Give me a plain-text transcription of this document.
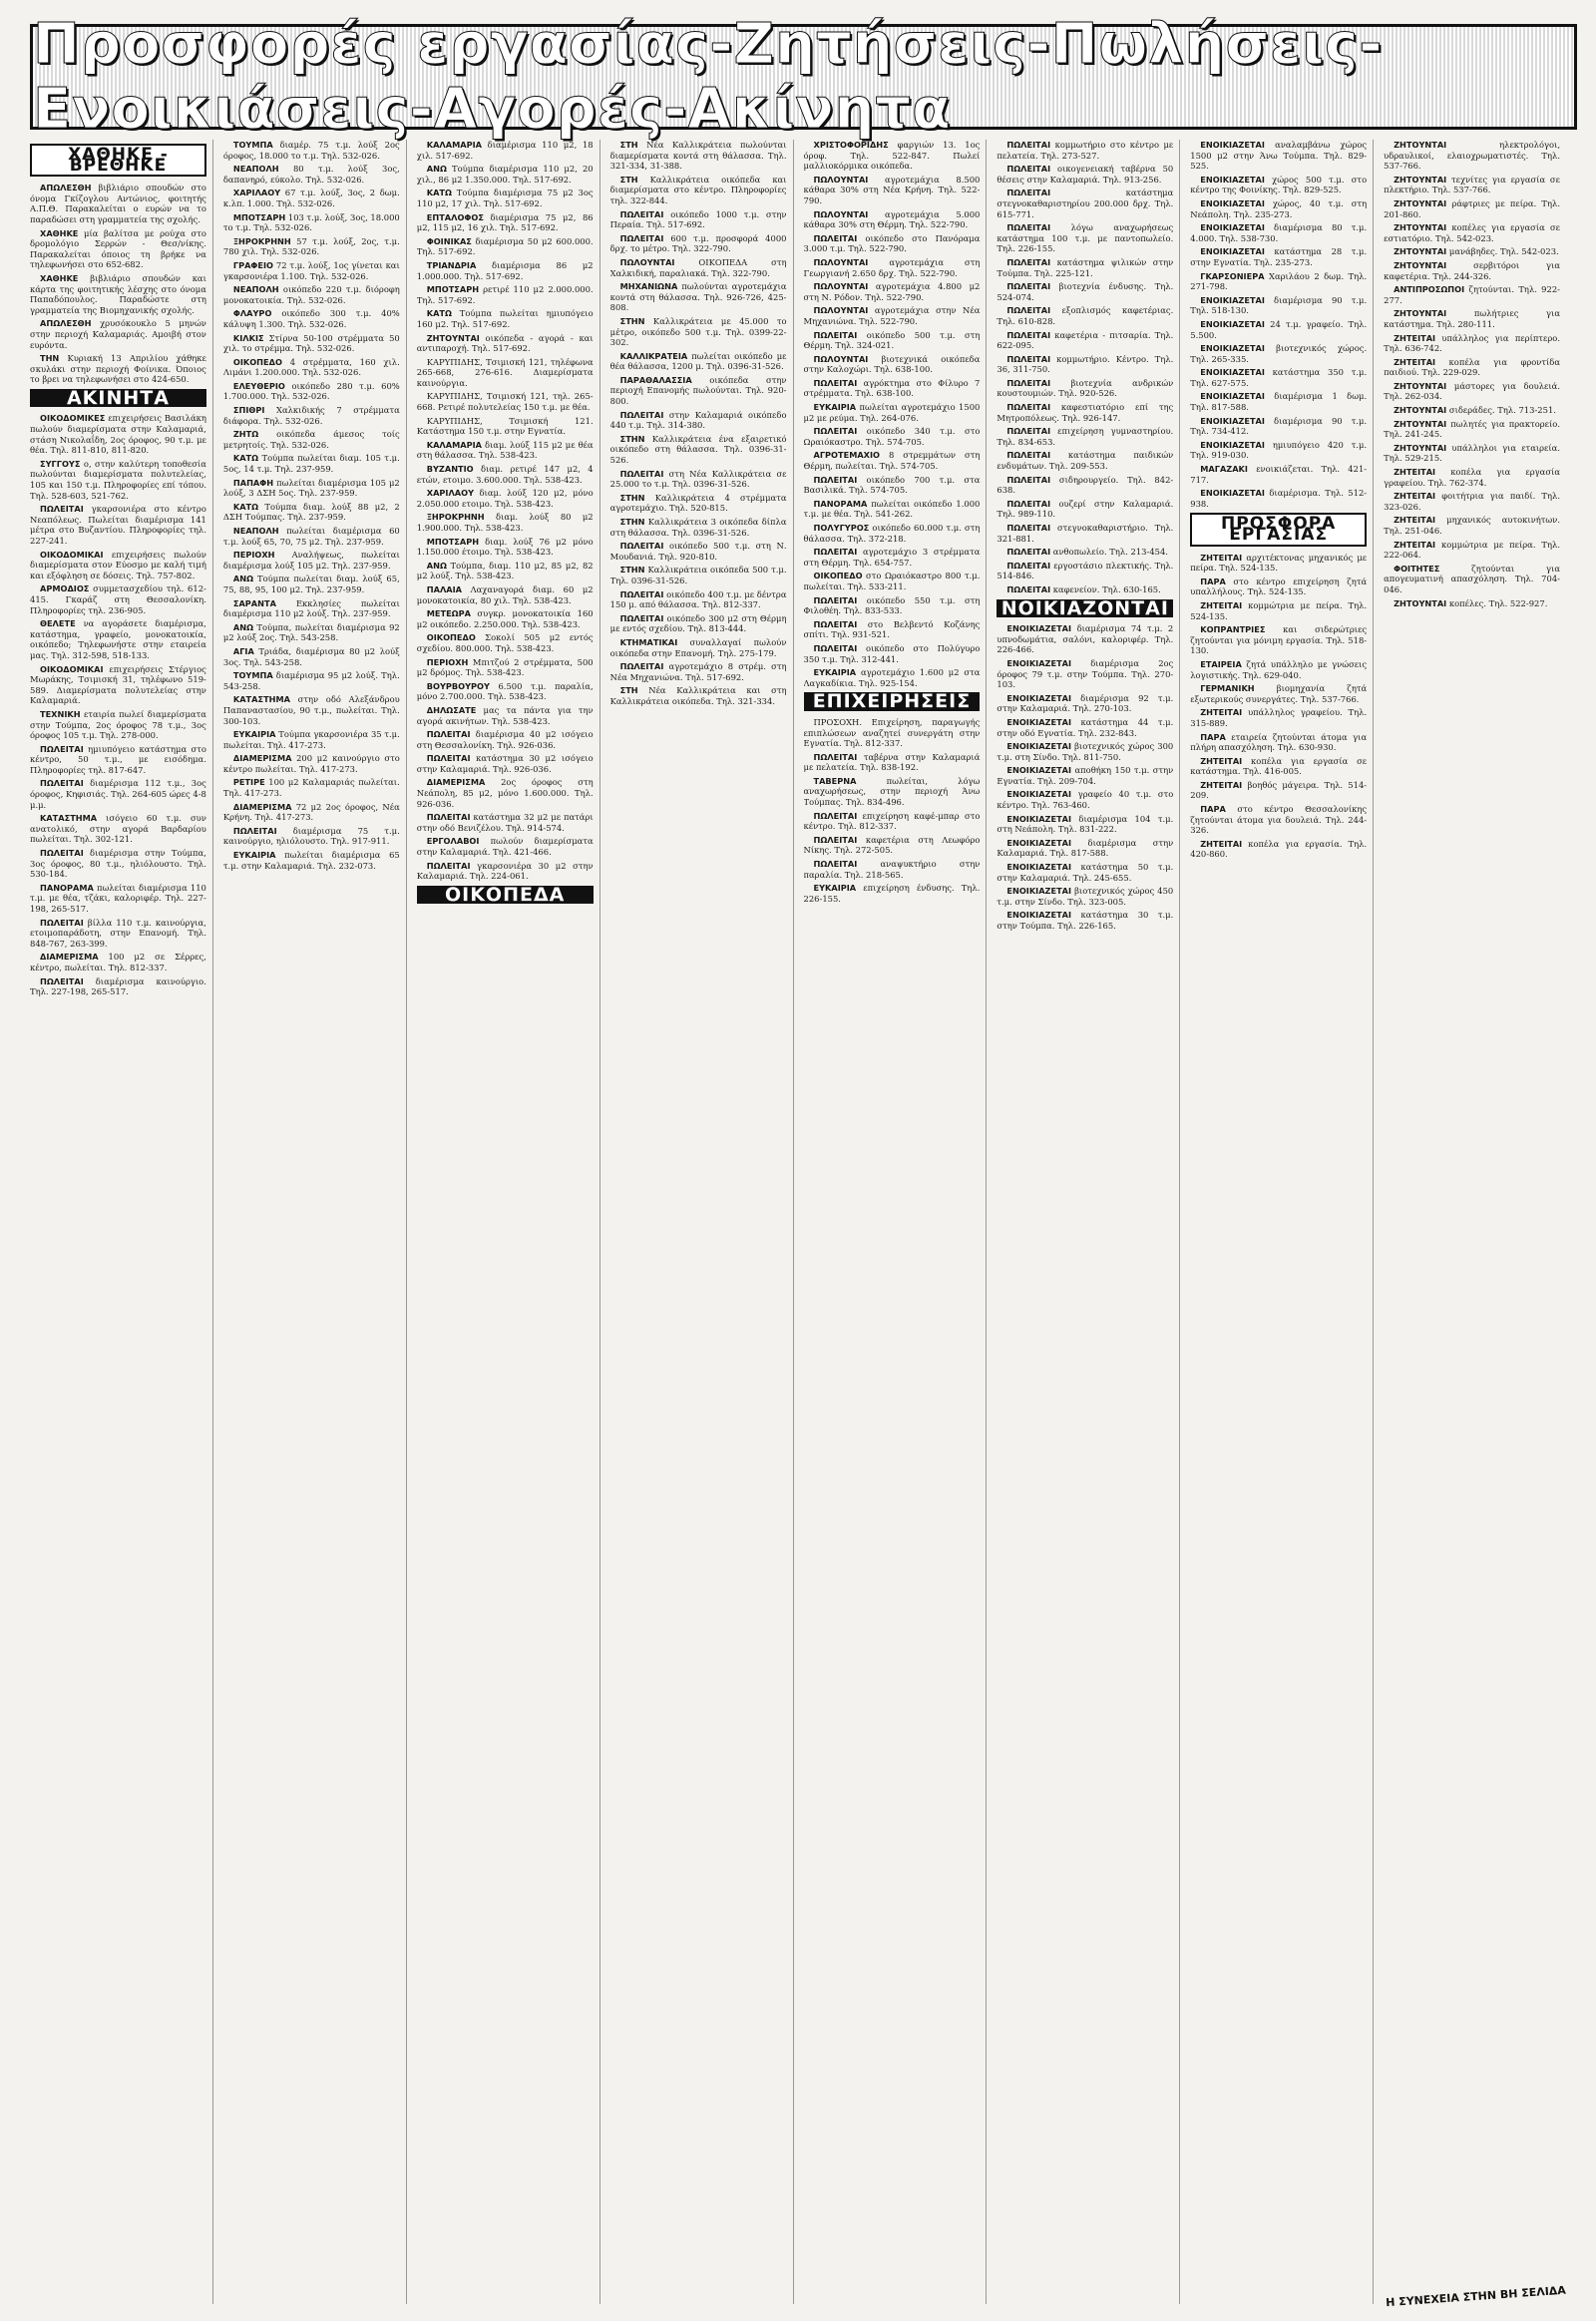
Προσφορές εργασίας-Ζητήσεις-Πωλήσεις-Ενοικιάσεις-Αγορές-Ακίνητα
ΧΑΘΗΚΕ - ΒΡΕΘΗΚΕ

ΑΠΩΛΕΣΘΗ βιβλιάριο σπουδών στο όνομα Γκίζογλου Αντώνιος, φοιτητής Α.Π.Θ. Παρακαλείται ο ευρών να το παραδώσει στη γραμματεία της σχολής.

ΧΑΘΗΚΕ μία βαλίτσα με ρούχα στο δρομολόγιο Σερρών - Θεσ/νίκης. Παρακαλείται όποιος τη βρήκε να τηλεφωνήσει στο 652-682.

ΧΑΘΗΚΕ βιβλιάριο σπουδών και κάρτα της φοιτητικής λέσχης στο όνομα Παπαδόπουλος. Παραδώστε στη γραμματεία της Βιομηχανικής σχολής.

ΑΠΩΛΕΣΘΗ χρυσόκουκλο 5 μηνών στην περιοχή Καλαμαριάς. Αμοιβή στον ευρόντα.

ΤΗΝ Κυριακή 13 Απριλίου χάθηκε σκυλάκι στην περιοχή Φοίνικα. Όποιος το βρει να τηλεφωνήσει στο 424-650.

ΑΚΙΝΗΤΑ

ΟΙΚΟΔΟΜΙΚΕΣ επιχειρήσεις Βασιλάκη πωλούν διαμερίσματα στην Καλαμαριά, στάση Νικολαΐδη, 2ος όροφος, 90 τ.μ. με θέα. Τηλ. 811-810, 811-820.

ΣΥΓΓΟΥΣ ο, στην καλύτερη τοποθεσία πωλούνται διαμερίσματα πολυτελείας, 105 και 150 τ.μ. Πληροφορίες επί τόπου. Τηλ. 528-603, 521-762.

ΠΩΛΕΙΤΑΙ γκαρσονιέρα στο κέντρο Νεαπόλεως. Πωλείται διαμέρισμα 141 μέτρα στο Βυζαντίου. Πληροφορίες τηλ. 227-241.

ΟΙΚΟΔΟΜΙΚΑΙ επιχειρήσεις πωλούν διαμερίσματα στον Εύοσμο με καλή τιμή και εξόφληση σε δόσεις. Τηλ. 757-802.

ΑΡΜΟΔΙΟΣ συμμετασχεδίου τηλ. 612-415. Γκαράζ στη Θεσσαλονίκη. Πληροφορίες τηλ. 236-905.

ΘΕΛΕΤΕ να αγοράσετε διαμέρισμα, κατάστημα, γραφείο, μονοκατοικία, οικόπεδο; Τηλεφωνήστε στην εταιρεία μας. Τηλ. 312-598, 518-133.

ΟΙΚΟΔΟΜΙΚΑΙ επιχειρήσεις Στέργιος Μωράκης, Τσιμισκή 31, τηλέφωνο 519-589. Διαμερίσματα πολυτελείας στην Καλαμαριά.

ΤΕΧΝΙΚΗ εταιρία πωλεί διαμερίσματα στην Τούμπα, 2ος όροφος 78 τ.μ., 3ος όροφος 105 τ.μ. Τηλ. 278-000.

ΠΩΛΕΙΤΑΙ ημιυπόγειο κατάστημα στο κέντρο, 50 τ.μ., με εισόδημα. Πληροφορίες τηλ. 817-647.

ΠΩΛΕΙΤΑΙ διαμέρισμα 112 τ.μ., 3ος όροφος, Κηφισιάς. Τηλ. 264-605 ώρες 4-8 μ.μ.

ΚΑΤΑΣΤΗΜΑ ισόγειο 60 τ.μ. συν ανατολικό, στην αγορά Βαρδαρίου πωλείται. Τηλ. 302-121.

ΠΩΛΕΙΤΑΙ διαμέρισμα στην Τούμπα, 3ος όροφος, 80 τ.μ., ηλιόλουστο. Τηλ. 530-184.

ΠΑΝΟΡΑΜΑ πωλείται διαμέρισμα 110 τ.μ. με θέα, τζάκι, καλοριφέρ. Τηλ. 227-198, 265-517.

ΠΩΛΕΙΤΑΙ βίλλα 110 τ.μ. καινούργια, ετοιμοπαράδοτη, στην Επανομή. Τηλ. 848-767, 263-399.

ΔΙΑΜΕΡΙΣΜΑ 100 μ2 σε Σέρρες, κέντρο, πωλείται. Τηλ. 812-337.

ΠΩΛΕΙΤΑΙ διαμέρισμα καινούργιο. Τηλ. 227-198, 265-517.

ΤΟΥΜΠΑ διαμέρ. 75 τ.μ. λούξ 2ος όροφος, 18.000 το τ.μ. Τηλ. 532-026.

ΝΕΑΠΟΛΗ 80 τ.μ. λούξ 3ος, δαπανηρό, εύκολο. Τηλ. 532-026.

ΧΑΡΙΛΑΟΥ 67 τ.μ. λούξ, 3ος, 2 δωμ. κ.λπ. 1.000. Τηλ. 532-026.

ΜΠΟΤΣΑΡΗ 103 τ.μ. λούξ, 3ος, 18.000 το τ.μ. Τηλ. 532-026.

ΞΗΡΟΚΡΗΝΗ 57 τ.μ. λούξ, 2ος, τ.μ. 780 χιλ. Τηλ. 532-026.

ΓΡΑΦΕΙΟ 72 τ.μ. λούξ, 1ος γίνεται και γκαρσονιέρα 1.100. Τηλ. 532-026.

ΝΕΑΠΟΛΗ οικόπεδο 220 τ.μ. διόροφη μονοκατοικία. Τηλ. 532-026.

ΦΛΑΥΡΟ οικόπεδο 300 τ.μ. 40% κάλυψη 1.300. Τηλ. 532-026.

ΚΙΛΚΙΣ Στίρνα 50-100 στρέμματα 50 χιλ. το στρέμμα. Τηλ. 532-026.

ΟΙΚΟΠΕΔΟ 4 στρέμματα, 160 χιλ. Λιμάνι 1.200.000. Τηλ. 532-026.

ΕΛΕΥΘΕΡΙΟ οικόπεδο 280 τ.μ. 60% 1.700.000. Τηλ. 532-026.

ΣΠΙΘΡΙ Χαλκιδικής 7 στρέμματα διάφορα. Τηλ. 532-026.

ΖΗΤΩ οικόπεδα άμεσος τοίς μετρητοίς. Τηλ. 532-026.

ΚΑΤΩ Τούμπα πωλείται διαμ. 105 τ.μ. 5ος, 14 τ.μ. Τηλ. 237-959.

ΠΑΠΑΦΗ πωλείται διαμέρισμα 105 μ2 λούξ, 3 ΔΣΗ 5ος. Τηλ. 237-959.

ΚΑΤΩ Τούμπα διαμ. λούξ 88 μ2, 2 ΔΣΗ Τούμπας. Τηλ. 237-959.

ΝΕΑΠΟΛΗ πωλείται διαμέρισμα 60 τ.μ. λούξ 65, 70, 75 μ2. Τηλ. 237-959.

ΠΕΡΙΟΧΗ Αναλήψεως, πωλείται διαμέρισμα λούξ 105 μ2. Τηλ. 237-959.

ΑΝΩ Τούμπα πωλείται διαμ. λούξ 65, 75, 88, 95, 100 μ2. Τηλ. 237-959.

ΣΑΡΑΝΤΑ Εκκλησίες πωλείται διαμέρισμα 110 μ2 λούξ. Τηλ. 237-959.

ΑΝΩ Τούμπα, πωλείται διαμέρισμα 92 μ2 λούξ 2ος. Τηλ. 543-258.

ΑΓΙΑ Τριάδα, διαμέρισμα 80 μ2 λούξ 3ος. Τηλ. 543-258.

ΤΟΥΜΠΑ διαμέρισμα 95 μ2 λούξ. Τηλ. 543-258.

ΚΑΤΑΣΤΗΜΑ στην οδό Αλεξάνδρου Παπαναστασίου, 90 τ.μ., πωλείται. Τηλ. 300-103.

ΕΥΚΑΙΡΙΑ Τούμπα γκαρσονιέρα 35 τ.μ. πωλείται. Τηλ. 417-273.

ΔΙΑΜΕΡΙΣΜΑ 200 μ2 καινούργιο στο κέντρο πωλείται. Τηλ. 417-273.

ΡΕΤΙΡΕ 100 μ2 Καλαμαριάς πωλείται. Τηλ. 417-273.

ΔΙΑΜΕΡΙΣΜΑ 72 μ2 2ος όροφος, Νέα Κρήνη. Τηλ. 417-273.

ΠΩΛΕΙΤΑΙ διαμέρισμα 75 τ.μ. καινούργιο, ηλιόλουστο. Τηλ. 917-911.

ΕΥΚΑΙΡΙΑ πωλείται διαμέρισμα 65 τ.μ. στην Καλαμαριά. Τηλ. 232-073.

ΚΑΛΑΜΑΡΙΑ διαμέρισμα 110 μ2, 18 χιλ. 517-692.

ΑΝΩ Τούμπα διαμέρισμα 110 μ2, 20 χιλ., 86 μ2 1.350.000. Τηλ. 517-692.

ΚΑΤΩ Τούμπα διαμέρισμα 75 μ2 3ος 110 μ2, 17 χιλ. Τηλ. 517-692.

ΕΠΤΑΛΟΦΟΣ διαμέρισμα 75 μ2, 86 μ2, 115 μ2, 16 χιλ. Τηλ. 517-692.

ΦΟΙΝΙΚΑΣ διαμέρισμα 50 μ2 600.000. Τηλ. 517-692.

ΤΡΙΑΝΔΡΙΑ διαμέρισμα 86 μ2 1.000.000. Τηλ. 517-692.

ΜΠΟΤΣΑΡΗ ρετιρέ 110 μ2 2.000.000. Τηλ. 517-692.

ΚΑΤΩ Τούμπα πωλείται ημιυπόγειο 160 μ2. Τηλ. 517-692.

ΖΗΤΟΥΝΤΑΙ οικόπεδα - αγορά - και αντιπαροχή. Τηλ. 517-692.

ΚΑΡΥΠΙΔΗΣ, Τσιμισκή 121, τηλέφωνα 265-668, 276-616. Διαμερίσματα καινούργια.

ΚΑΡΥΠΙΔΗΣ, Τσιμισκή 121, τηλ. 265-668. Ρετιρέ πολυτελείας 150 τ.μ. με θέα.

ΚΑΡΥΠΙΔΗΣ, Τσιμισκή 121. Κατάστημα 150 τ.μ. στην Εγνατία.

ΚΑΛΑΜΑΡΙΑ διαμ. λούξ 115 μ2 με θέα στη θάλασσα. Τηλ. 538-423.

ΒΥΖΑΝΤΙΟ διαμ. ρετιρέ 147 μ2, 4 ετών, ετοιμο. 3.600.000. Τηλ. 538-423.

ΧΑΡΙΛΑΟΥ διαμ. λούξ 120 μ2, μόνο 2.050.000 ετοιμο. Τηλ. 538-423.

ΞΗΡΟΚΡΗΝΗ διαμ. λούξ 80 μ2 1.900.000. Τηλ. 538-423.

ΜΠΟΤΣΑΡΗ διαμ. λούξ 76 μ2 μόνο 1.150.000 έτοιμο. Τηλ. 538-423.

ΑΝΩ Τούμπα, διαμ. 110 μ2, 85 μ2, 82 μ2 λούξ. Τηλ. 538-423.

ΠΑΛΑΙΑ Λαχαναγορά διαμ. 60 μ2 μονοκατοικία, 80 χιλ. Τηλ. 538-423.

ΜΕΤΕΩΡΑ συγκρ. μονοκατοικία 160 μ2 οικόπεδο. 2.250.000. Τηλ. 538-423.

ΟΙΚΟΠΕΔΟ Σοκολί 505 μ2 εντός σχεδίου. 800.000. Τηλ. 538-423.

ΠΕΡΙΟΧΗ Μπιτζού 2 στρέμματα, 500 μ2 δρόμος. Τηλ. 538-423.

ΒΟΥΡΒΟΥΡΟΥ 6.500 τ.μ. παραλία, μόνο 2.700.000. Τηλ. 538-423.

ΔΗΛΩΣΑΤΕ μας τα πάντα για την αγορά ακινήτων. Τηλ. 538-423.

ΠΩΛΕΙΤΑΙ διαμέρισμα 40 μ2 ισόγειο στη Θεσσαλονίκη. Τηλ. 926-036.

ΠΩΛΕΙΤΑΙ κατάστημα 30 μ2 ισόγειο στην Καλαμαριά. Τηλ. 926-036.

ΔΙΑΜΕΡΙΣΜΑ 2ος όροφος στη Νεάπολη, 85 μ2, μόνο 1.600.000. Τηλ. 926-036.

ΠΩΛΕΙΤΑΙ κατάστημα 32 μ2 με πατάρι στην οδό Βενιζέλου. Τηλ. 914-574.

ΕΡΓΟΛΑΒΟΙ πωλούν διαμερίσματα στην Καλαμαριά. Τηλ. 421-466.

ΠΩΛΕΙΤΑΙ γκαρσονιέρα 30 μ2 στην Καλαμαριά. Τηλ. 224-061.

ΟΙΚΟΠΕΔΑ

ΣΤΗ Νέα Καλλικράτεια πωλούνται διαμερίσματα κοντά στη θάλασσα. Τηλ. 321-334, 31-388.

ΣΤΗ Καλλικράτεια οικόπεδα και διαμερίσματα στο κέντρο. Πληροφορίες τηλ. 322-844.

ΠΩΛΕΙΤΑΙ οικόπεδο 1000 τ.μ. στην Περαία. Τηλ. 517-692.

ΠΩΛΕΙΤΑΙ 600 τ.μ. προσφορά 4000 δρχ. το μέτρο. Τηλ. 322-790.

ΠΩΛΟΥΝΤΑΙ ΟΙΚΟΠΕΔΑ στη Χαλκιδική, παραλιακά. Τηλ. 322-790.

ΜΗΧΑΝΙΩΝΑ πωλούνται αγροτεμάχια κοντά στη θάλασσα. Τηλ. 926-726, 425-808.

ΣΤΗΝ Καλλικράτεια με 45.000 το μέτρο, οικόπεδο 500 τ.μ. Τηλ. 0399-22-302.

ΚΑΛΛΙΚΡΑΤΕΙΑ πωλείται οικόπεδο με θέα θάλασσα, 1200 μ. Τηλ. 0396-31-526.

ΠΑΡΑΘΑΛΑΣΣΙΑ οικόπεδα στην περιοχή Επανομής πωλούνται. Τηλ. 920-800.

ΠΩΛΕΙΤΑΙ στην Καλαμαριά οικόπεδο 440 τ.μ. Τηλ. 314-380.

ΣΤΗΝ Καλλικράτεια ένα εξαιρετικό οικόπεδο στη θάλασσα. Τηλ. 0396-31-526.

ΠΩΛΕΙΤΑΙ στη Νέα Καλλικράτεια σε 25.000 το τ.μ. Τηλ. 0396-31-526.

ΣΤΗΝ Καλλικράτεια 4 στρέμματα αγροτεμάχιο. Τηλ. 520-815.

ΣΤΗΝ Καλλικράτεια 3 οικόπεδα δίπλα στη θάλασσα. Τηλ. 0396-31-526.

ΠΩΛΕΙΤΑΙ οικόπεδο 500 τ.μ. στη Ν. Μουδανιά. Τηλ. 920-810.

ΣΤΗΝ Καλλικράτεια οικόπεδα 500 τ.μ. Τηλ. 0396-31-526.

ΠΩΛΕΙΤΑΙ οικόπεδο 400 τ.μ. με δέντρα 150 μ. από θάλασσα. Τηλ. 812-337.

ΠΩΛΕΙΤΑΙ οικόπεδο 300 μ2 στη Θέρμη με εντός σχεδίου. Τηλ. 813-444.

ΚΤΗΜΑΤΙΚΑΙ συναλλαγαί πωλούν οικόπεδα στην Επανομή. Τηλ. 275-179.

ΠΩΛΕΙΤΑΙ αγροτεμάχιο 8 στρέμ. στη Νέα Μηχανιώνα. Τηλ. 517-692.

ΣΤΗ Νέα Καλλικράτεια και στη Καλλικράτεια οικόπεδα. Τηλ. 321-334.

ΧΡΙΣΤΟΦΟΡΙΔΗΣ φαργιών 13. 1ος όροφ. Τηλ. 522-847. Πωλεί μαλλιοκόρμικα οικόπεδα.

ΠΩΛΟΥΝΤΑΙ αγροτεμάχια 8.500 κάθαρα 30% στη Νέα Κρήνη. Τηλ. 522-790.

ΠΩΛΟΥΝΤΑΙ αγροτεμάχια 5.000 κάθαρα 30% στη Θέρμη. Τηλ. 522-790.

ΠΩΛΕΙΤΑΙ οικόπεδο στο Πανόραμα 3.000 τ.μ. Τηλ. 522-790.

ΠΩΛΟΥΝΤΑΙ αγροτεμάχια στη Γεωργιανή 2.650 δρχ. Τηλ. 522-790.

ΠΩΛΟΥΝΤΑΙ αγροτεμάχια 4.800 μ2 στη Ν. Ρόδον. Τηλ. 522-790.

ΠΩΛΟΥΝΤΑΙ αγροτεμάχια στην Νέα Μηχανιώνα. Τηλ. 522-790.

ΠΩΛΕΙΤΑΙ οικόπεδο 500 τ.μ. στη Θέρμη. Τηλ. 324-021.

ΠΩΛΟΥΝΤΑΙ βιοτεχνικά οικόπεδα στην Καλοχώρι. Τηλ. 638-100.

ΠΩΛΕΙΤΑΙ αγρόκτημα στο Φίλυρο 7 στρέμματα. Τηλ. 638-100.

ΕΥΚΑΙΡΙΑ πωλείται αγροτεμάχιο 1500 μ2 με ρεύμα. Τηλ. 264-076.

ΠΩΛΕΙΤΑΙ οικόπεδο 340 τ.μ. στο Ωραιόκαστρο. Τηλ. 574-705.

ΑΓΡΟΤΕΜΑΧΙΟ 8 στρεμμάτων στη Θέρμη, πωλείται. Τηλ. 574-705.

ΠΩΛΕΙΤΑΙ οικόπεδο 700 τ.μ. στα Βασιλικά. Τηλ. 574-705.

ΠΑΝΟΡΑΜΑ πωλείται οικόπεδο 1.000 τ.μ. με θέα. Τηλ. 541-262.

ΠΟΛΥΓΥΡΟΣ οικόπεδο 60.000 τ.μ. στη θάλασσα. Τηλ. 372-218.

ΠΩΛΕΙΤΑΙ αγροτεμάχιο 3 στρέμματα στη Θέρμη. Τηλ. 654-757.

ΟΙΚΟΠΕΔΟ στο Ωραιόκαστρο 800 τ.μ. πωλείται. Τηλ. 533-211.

ΠΩΛΕΙΤΑΙ οικόπεδο 550 τ.μ. στη Φιλοθέη. Τηλ. 833-533.

ΠΩΛΕΙΤΑΙ στο Βελβεντό Κοζάνης σπίτι. Τηλ. 931-521.

ΠΩΛΕΙΤΑΙ οικόπεδο στο Πολύγυρο 350 τ.μ. Τηλ. 312-441.

ΕΥΚΑΙΡΙΑ αγροτεμάχιο 1.600 μ2 στα Λαγκαδίκια. Τηλ. 925-154.

ΕΠΙΧΕΙΡΗΣΕΙΣ

ΠΡΟΣΟΧΗ. Επιχείρηση, παραγωγής επιπλώσεων αναζητεί συνεργάτη στην Εγνατία. Τηλ. 812-337.

ΠΩΛΕΙΤΑΙ ταβέρνα στην Καλαμαριά με πελατεία. Τηλ. 838-192.

ΤΑΒΕΡΝΑ πωλείται, λόγω αναχωρήσεως, στην περιοχή Άνω Τούμπας. Τηλ. 834-496.

ΠΩΛΕΙΤΑΙ επιχείρηση καφέ-μπαρ στο κέντρο. Τηλ. 812-337.

ΠΩΛΕΙΤΑΙ καφετέρια στη Λεωφόρο Νίκης. Τηλ. 272-505.

ΠΩΛΕΙΤΑΙ αναψυκτήριο στην παραλία. Τηλ. 218-565.

ΕΥΚΑΙΡΙΑ επιχείρηση ένδυσης. Τηλ. 226-155.

ΠΩΛΕΙΤΑΙ κομμωτήριο στο κέντρο με πελατεία. Τηλ. 273-527.

ΠΩΛΕΙΤΑΙ οικογενειακή ταβέρνα 50 θέσεις στην Καλαμαριά. Τηλ. 913-256.

ΠΩΛΕΙΤΑΙ κατάστημα στεγνοκαθαριστηρίου 200.000 δρχ. Τηλ. 615-771.

ΠΩΛΕΙΤΑΙ λόγω αναχωρήσεως κατάστημα 100 τ.μ. με παντοπωλείο. Τηλ. 226-155.

ΠΩΛΕΙΤΑΙ κατάστημα ψιλικών στην Τούμπα. Τηλ. 225-121.

ΠΩΛΕΙΤΑΙ βιοτεχνία ένδυσης. Τηλ. 524-074.

ΠΩΛΕΙΤΑΙ εξοπλισμός καφετέριας. Τηλ. 610-828.

ΠΩΛΕΙΤΑΙ καφετέρια - πιτσαρία. Τηλ. 622-095.

ΠΩΛΕΙΤΑΙ κομμωτήριο. Κέντρο. Τηλ. 36, 311-750.

ΠΩΛΕΙΤΑΙ βιοτεχνία ανδρικών κουστουμιών. Τηλ. 920-526.

ΠΩΛΕΙΤΑΙ καφεστιατόριο επί της Μητροπόλεως. Τηλ. 926-147.

ΠΩΛΕΙΤΑΙ επιχείρηση γυμναστηρίου. Τηλ. 834-653.

ΠΩΛΕΙΤΑΙ κατάστημα παιδικών ενδυμάτων. Τηλ. 209-553.

ΠΩΛΕΙΤΑΙ σιδηρουργείο. Τηλ. 842-638.

ΠΩΛΕΙΤΑΙ ουζερί στην Καλαμαριά. Τηλ. 989-110.

ΠΩΛΕΙΤΑΙ στεγνοκαθαριστήριο. Τηλ. 321-881.

ΠΩΛΕΙΤΑΙ ανθοπωλείο. Τηλ. 213-454.

ΠΩΛΕΙΤΑΙ εργοστάσιο πλεκτικής. Τηλ. 514-846.

ΠΩΛΕΙΤΑΙ καφενείον. Τηλ. 630-165.

ΝΟΙΚΙΑΖΟΝΤΑΙ

ΕΝΟΙΚΙΑΖΕΤΑΙ διαμέρισμα 74 τ.μ. 2 υπνοδωμάτια, σαλόνι, καλοριφέρ. Τηλ. 226-466.

ΕΝΟΙΚΙΑΖΕΤΑΙ διαμέρισμα 2ος όροφος 79 τ.μ. στην Τούμπα. Τηλ. 270-103.

ΕΝΟΙΚΙΑΖΕΤΑΙ διαμέρισμα 92 τ.μ. στην Καλαμαριά. Τηλ. 270-103.

ΕΝΟΙΚΙΑΖΕΤΑΙ κατάστημα 44 τ.μ. στην οδό Εγνατία. Τηλ. 232-843.

ΕΝΟΙΚΙΑΖΕΤΑΙ βιοτεχνικός χώρος 300 τ.μ. στη Σίνδο. Τηλ. 811-750.

ΕΝΟΙΚΙΑΖΕΤΑΙ αποθήκη 150 τ.μ. στην Εγνατία. Τηλ. 209-704.

ΕΝΟΙΚΙΑΖΕΤΑΙ γραφείο 40 τ.μ. στο κέντρο. Τηλ. 763-460.

ΕΝΟΙΚΙΑΖΕΤΑΙ διαμέρισμα 104 τ.μ. στη Νεάπολη. Τηλ. 831-222.

ΕΝΟΙΚΙΑΖΕΤΑΙ διαμέρισμα στην Καλαμαριά. Τηλ. 817-588.

ΕΝΟΙΚΙΑΖΕΤΑΙ κατάστημα 50 τ.μ. στην Καλαμαριά. Τηλ. 245-655.

ΕΝΟΙΚΙΑΖΕΤΑΙ βιοτεχνικός χώρος 450 τ.μ. στην Σίνδο. Τηλ. 323-005.

ΕΝΟΙΚΙΑΖΕΤΑΙ κατάστημα 30 τ.μ. στην Τούμπα. Τηλ. 226-165.

ΕΝΟΙΚΙΑΖΕΤΑΙ αναλαμβάνω χώρος 1500 μ2 στην Άνω Τούμπα. Τηλ. 829-525.

ΕΝΟΙΚΙΑΖΕΤΑΙ χώρος 500 τ.μ. στο κέντρο της Φοινίκης. Τηλ. 829-525.

ΕΝΟΙΚΙΑΖΕΤΑΙ χώρος, 40 τ.μ. στη Νεάπολη. Τηλ. 235-273.

ΕΝΟΙΚΙΑΖΕΤΑΙ διαμέρισμα 80 τ.μ. 4.000. Τηλ. 538-730.

ΕΝΟΙΚΙΑΖΕΤΑΙ κατάστημα 28 τ.μ. στην Εγνατία. Τηλ. 235-273.

ΓΚΑΡΣΟΝΙΕΡΑ Χαριλάου 2 δωμ. Τηλ. 271-798.

ΕΝΟΙΚΙΑΖΕΤΑΙ διαμέρισμα 90 τ.μ. Τηλ. 518-130.

ΕΝΟΙΚΙΑΖΕΤΑΙ 24 τ.μ. γραφείο. Τηλ. 5.500.

ΕΝΟΙΚΙΑΖΕΤΑΙ βιοτεχνικός χώρος. Τηλ. 265-335.

ΕΝΟΙΚΙΑΖΕΤΑΙ κατάστημα 350 τ.μ. Τηλ. 627-575.

ΕΝΟΙΚΙΑΖΕΤΑΙ διαμέρισμα 1 δωμ. Τηλ. 817-588.

ΕΝΟΙΚΙΑΖΕΤΑΙ διαμέρισμα 90 τ.μ. Τηλ. 734-412.

ΕΝΟΙΚΙΑΖΕΤΑΙ ημιυπόγειο 420 τ.μ. Τηλ. 919-030.

ΜΑΓΑΖΑΚΙ ενοικιάζεται. Τηλ. 421-717.

ΕΝΟΙΚΙΑΖΕΤΑΙ διαμέρισμα. Τηλ. 512-938.

ΠΡΟΣΦΟΡΑ ΕΡΓΑΣΙΑΣ

ΖΗΤΕΙΤΑΙ αρχιτέκτονας μηχανικός με πείρα. Τηλ. 524-135.

ΠΑΡΑ στο κέντρο επιχείρηση ζητά υπαλλήλους. Τηλ. 524-135.

ΖΗΤΕΙΤΑΙ κομμώτρια με πείρα. Τηλ. 524-135.

ΚΟΠΡΑΝΤΡΙΕΣ και σιδερώτριες ζητούνται για μόνιμη εργασία. Τηλ. 518-130.

ΕΤΑΙΡΕΙΑ ζητά υπάλληλο με γνώσεις λογιστικής. Τηλ. 629-040.

ΓΕΡΜΑΝΙΚΗ βιομηχανία ζητά εξωτερικούς συνεργάτες. Τηλ. 537-766.

ΖΗΤΕΙΤΑΙ υπάλληλος γραφείου. Τηλ. 315-889.

ΠΑΡΑ εταιρεία ζητούνται άτομα για πλήρη απασχόληση. Τηλ. 630-930.

ΖΗΤΕΙΤΑΙ κοπέλα για εργασία σε κατάστημα. Τηλ. 416-005.

ΖΗΤΕΙΤΑΙ βοηθός μάγειρα. Τηλ. 514-209.

ΠΑΡΑ στο κέντρο Θεσσαλονίκης ζητούνται άτομα για δουλειά. Τηλ. 244-326.

ΖΗΤΕΙΤΑΙ κοπέλα για εργασία. Τηλ. 420-860.

ΖΗΤΟΥΝΤΑΙ ηλεκτρολόγοι, υδραυλικοί, ελαιοχρωματιστές. Τηλ. 537-766.

ΖΗΤΟΥΝΤΑΙ τεχνίτες για εργασία σε πλεκτήριο. Τηλ. 537-766.

ΖΗΤΟΥΝΤΑΙ ράφτριες με πείρα. Τηλ. 201-860.

ΖΗΤΟΥΝΤΑΙ κοπέλες για εργασία σε εστιατόριο. Τηλ. 542-023.

ΖΗΤΟΥΝΤΑΙ μανάβηδες. Τηλ. 542-023.

ΖΗΤΟΥΝΤΑΙ σερβιτόροι για καφετέρια. Τηλ. 244-326.

ΑΝΤΙΠΡΟΣΩΠΟΙ ζητούνται. Τηλ. 922-277.

ΖΗΤΟΥΝΤΑΙ πωλήτριες για κατάστημα. Τηλ. 280-111.

ΖΗΤΕΙΤΑΙ υπάλληλος για περίπτερο. Τηλ. 636-742.

ΖΗΤΕΙΤΑΙ κοπέλα για φροντίδα παιδιού. Τηλ. 229-029.

ΖΗΤΟΥΝΤΑΙ μάστορες για δουλειά. Τηλ. 262-034.

ΖΗΤΟΥΝΤΑΙ σιδεράδες. Τηλ. 713-251.

ΖΗΤΟΥΝΤΑΙ πωλητές για πρακτορείο. Τηλ. 241-245.

ΖΗΤΟΥΝΤΑΙ υπάλληλοι για εταιρεία. Τηλ. 529-215.

ΖΗΤΕΙΤΑΙ κοπέλα για εργασία γραφείου. Τηλ. 762-374.

ΖΗΤΕΙΤΑΙ φοιτήτρια για παιδί. Τηλ. 323-026.

ΖΗΤΕΙΤΑΙ μηχανικός αυτοκινήτων. Τηλ. 251-046.

ΖΗΤΕΙΤΑΙ κομμώτρια με πείρα. Τηλ. 222-064.

ΦΟΙΤΗΤΕΣ ζητούνται για απογευματινή απασχόληση. Τηλ. 704-046.

ΖΗΤΟΥΝΤΑΙ κοπέλες. Τηλ. 522-927.

Η ΣΥΝΕΧΕΙΑ ΣΤΗΝ ΒΗ ΣΕΛΙΔΑ
